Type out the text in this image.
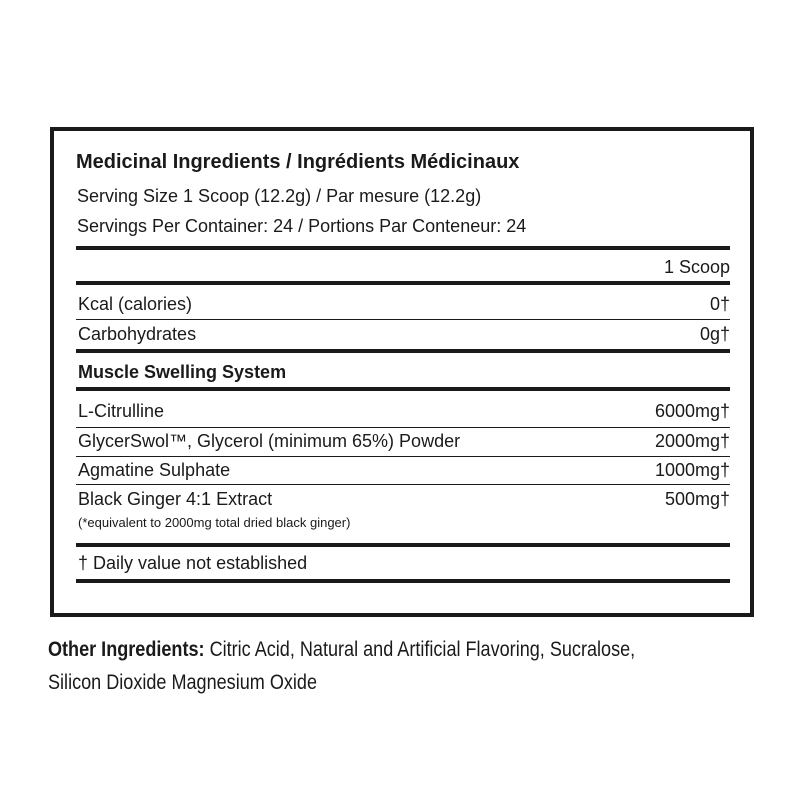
Medicinal Ingredients / Ingrédients Médicinaux
Serving Size 1 Scoop (12.2g) / Par mesure (12.2g)
Servings Per Container: 24 / Portions Par Conteneur: 24
1 Scoop
Kcal (calories)	0†
Carbohydrates	0g†
Muscle Swelling System
L-Citrulline	6000mg†
GlycerSwol™, Glycerol (minimum 65%) Powder	2000mg†
Agmatine Sulphate	1000mg†
Black Ginger 4:1 Extract	500mg†
(*equivalent to 2000mg total dried black ginger)
† Daily value not established
Other Ingredients: Citric Acid, Natural and Artificial Flavoring, Sucralose, Silicon Dioxide Magnesium Oxide
